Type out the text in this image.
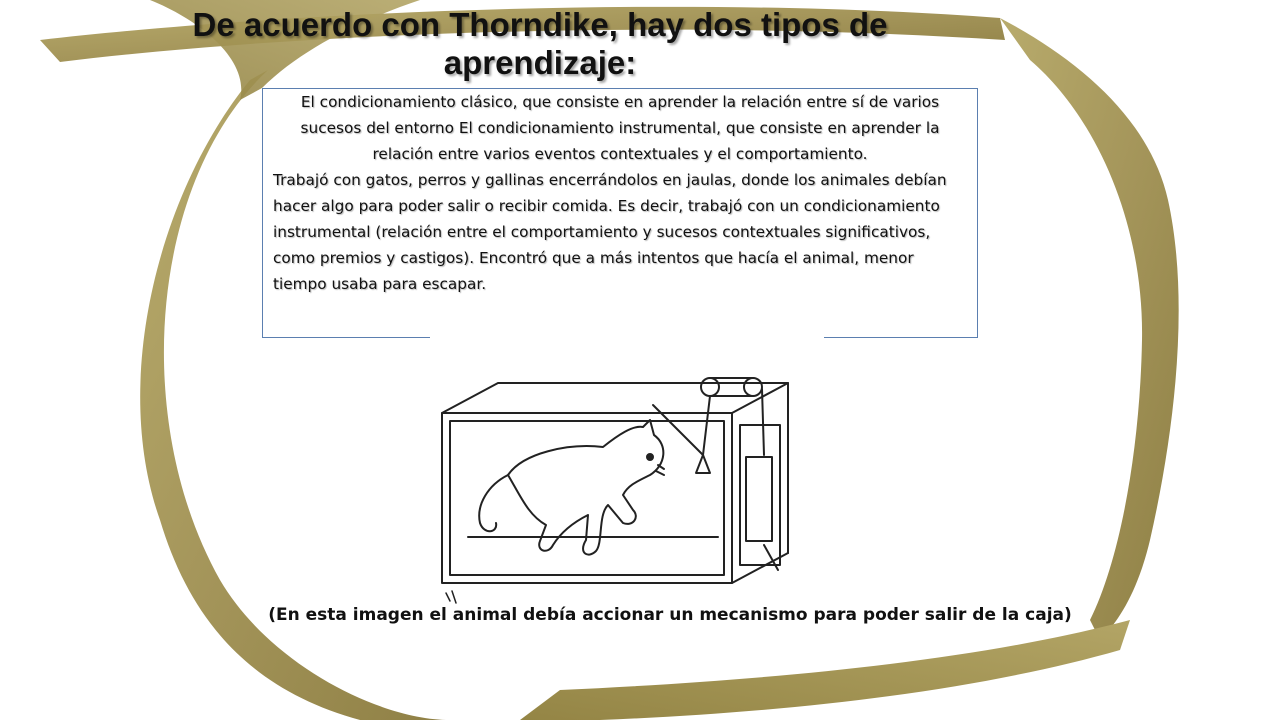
De acuerdo con Thorndike, hay dos tipos de aprendizaje:

El condicionamiento clásico, que consiste en aprender la relación entre sí de varios sucesos del entorno El condicionamiento instrumental, que consiste en aprender la relación entre varios eventos contextuales y el comportamiento.

Trabajó con gatos, perros y gallinas encerrándolos en jaulas, donde los animales debían hacer algo para poder salir o recibir comida. Es decir, trabajó con un condicionamiento instrumental (relación entre el comportamiento y sucesos contextuales significativos, como premios y castigos). Encontró que a más intentos que hacía el animal, menor tiempo usaba para escapar.

(En esta imagen el animal debía accionar un mecanismo para poder salir de la caja)
